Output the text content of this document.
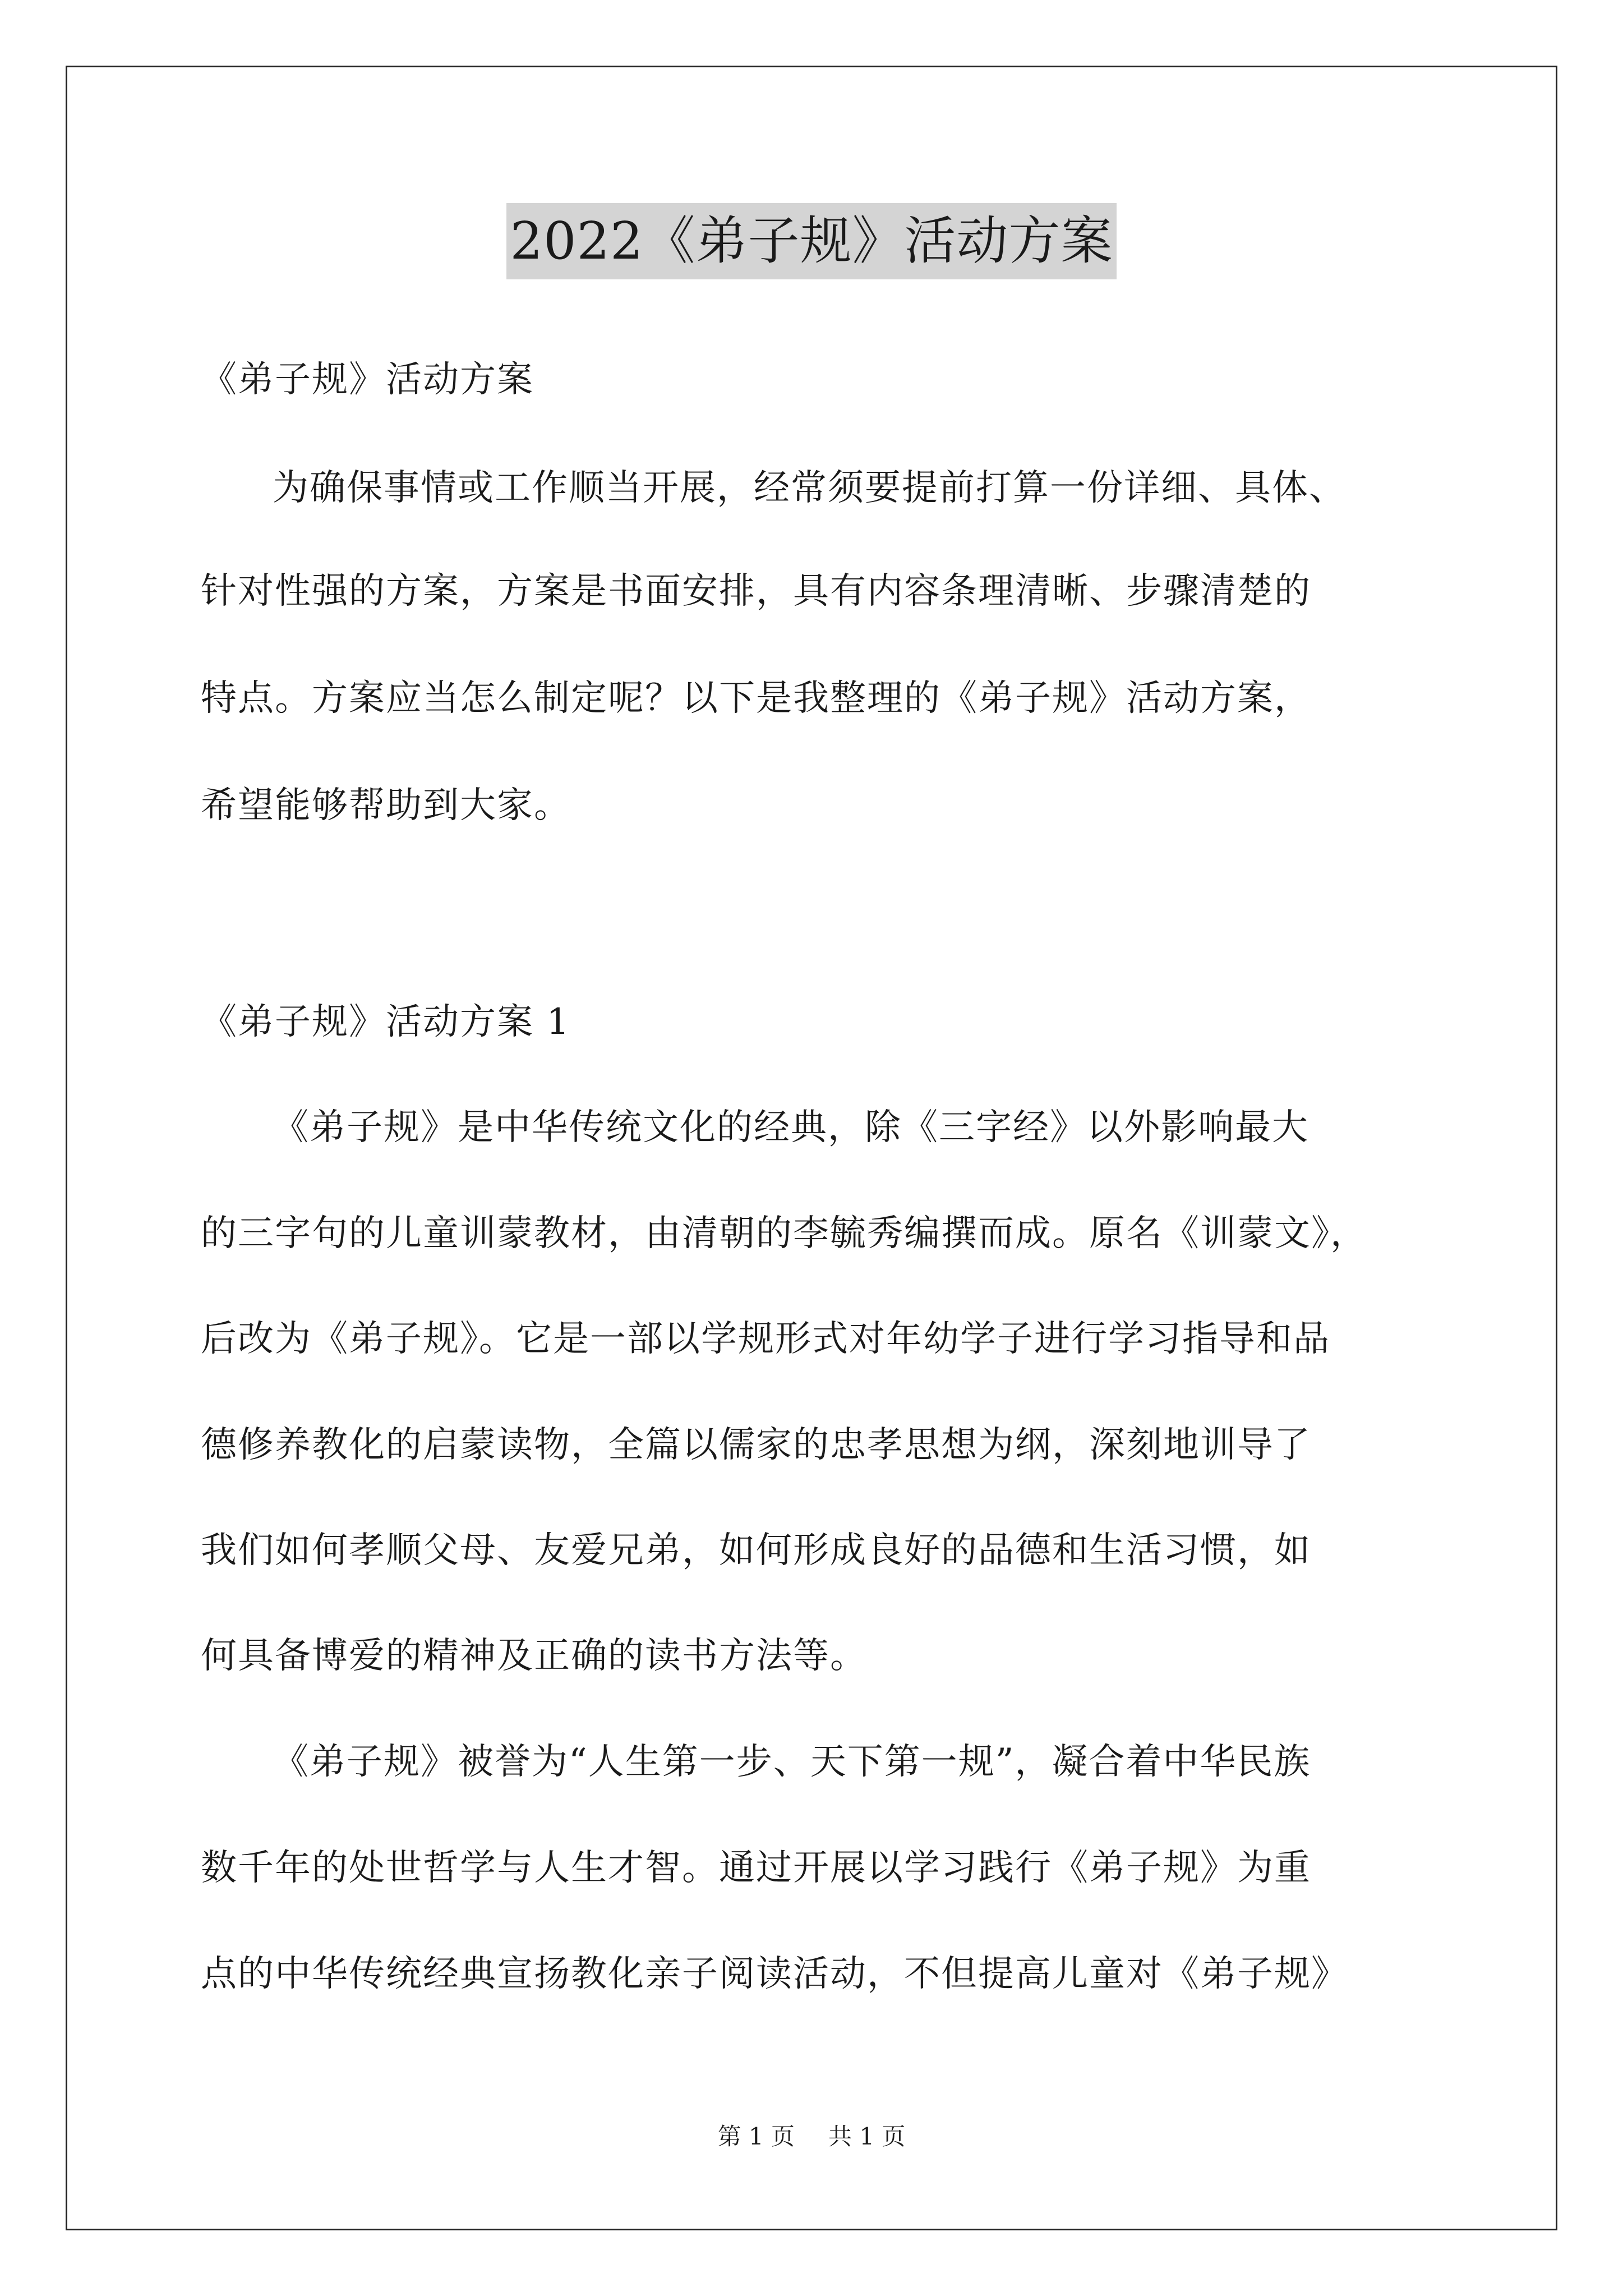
2022《弟子规》活动方案
《弟子规》活动方案
为确保事情或工作顺当开展，经常须要提前打算一份详细、具体、
针对性强的方案，方案是书面安排，具有内容条理清晰、步骤清楚的
特点。方案应当怎么制定呢？以下是我整理的《弟子规》活动方案，
希望能够帮助到大家。
《弟子规》活动方案 1
《弟子规》是中华传统文化的经典，除《三字经》以外影响最大
的三字句的儿童训蒙教材，由清朝的李毓秀编撰而成。原名《训蒙文》，
后改为《弟子规》。它是一部以学规形式对年幼学子进行学习指导和品
德修养教化的启蒙读物，全篇以儒家的忠孝思想为纲，深刻地训导了
我们如何孝顺父母、友爱兄弟，如何形成良好的品德和生活习惯，如
何具备博爱的精神及正确的读书方法等。
《弟子规》被誉为“人生第一步、天下第一规”，凝合着中华民族
数千年的处世哲学与人生才智。通过开展以学习践行《弟子规》为重
点的中华传统经典宣扬教化亲子阅读活动，不但提高儿童对《弟子规》
第 1 页 共 1 页
